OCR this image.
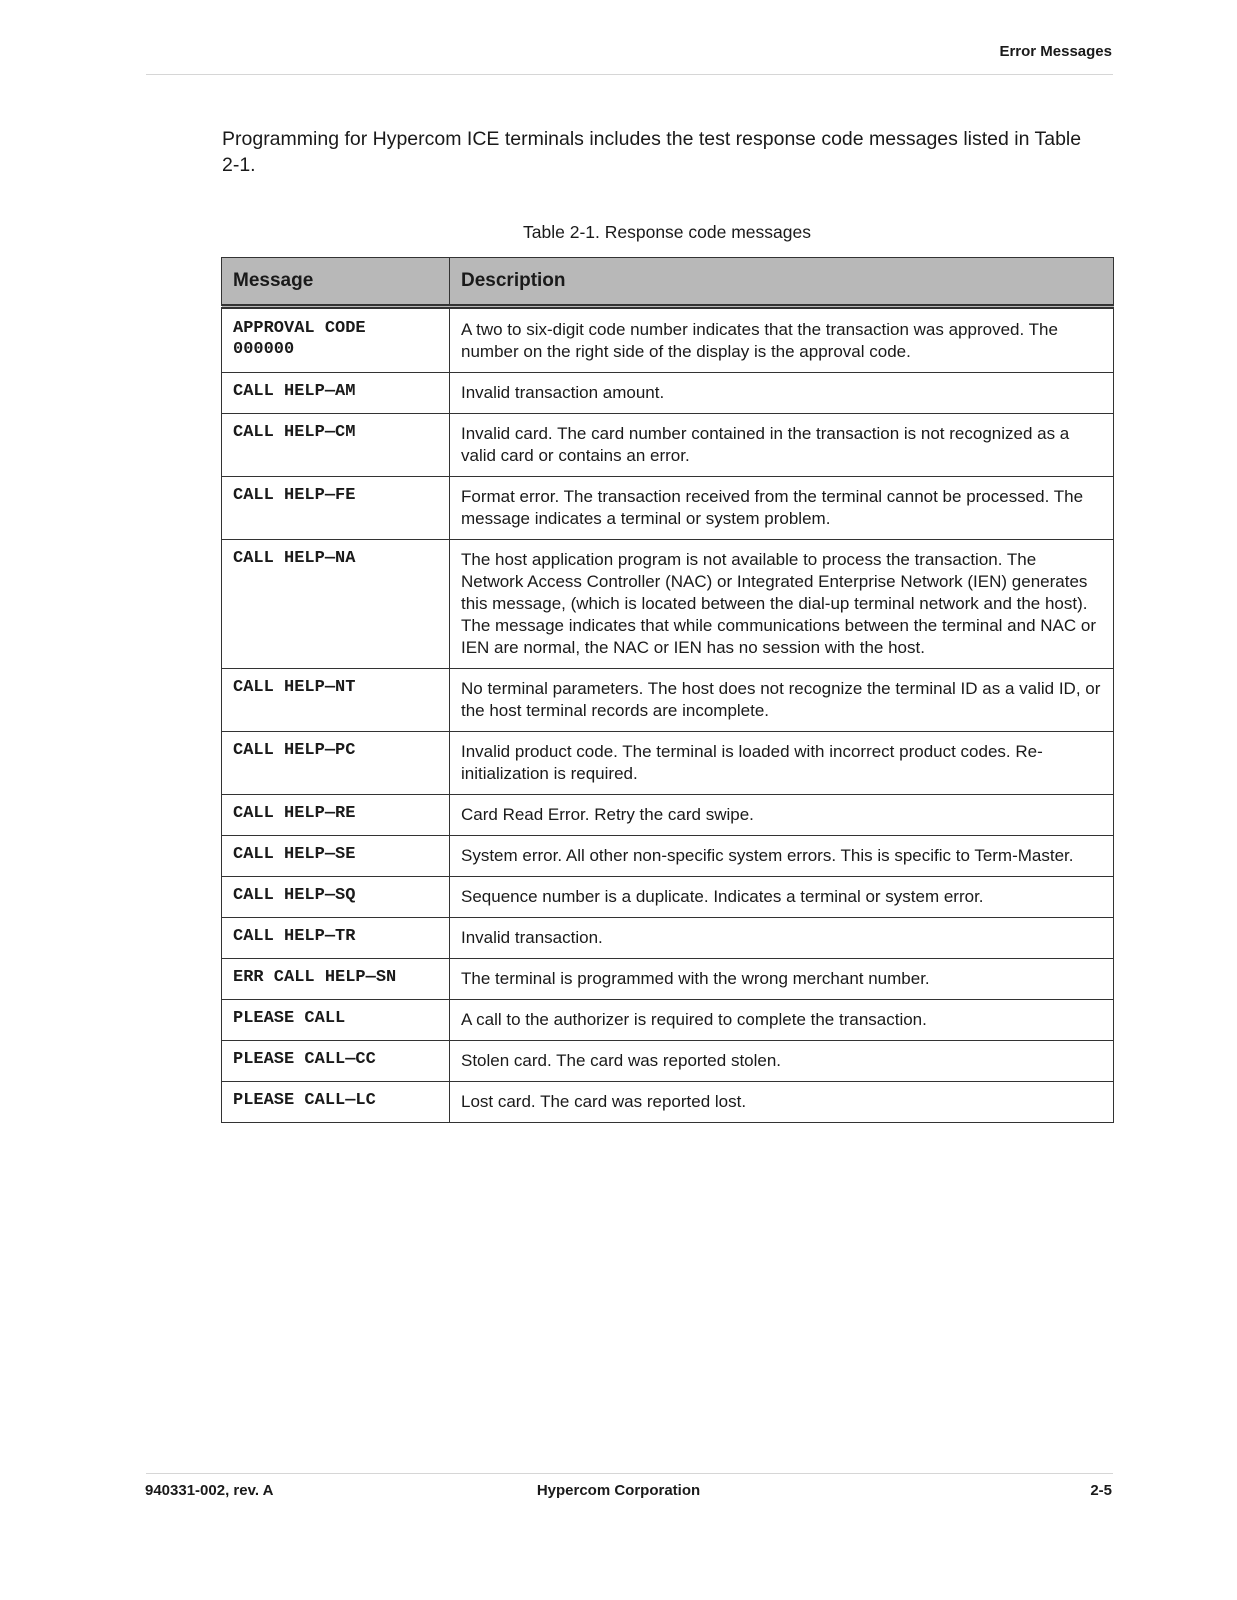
Error Messages

Programming for Hypercom ICE terminals includes the test response code messages listed in Table 2-1.

Table 2-1. Response code messages
Message	Description

APPROVAL CODE
000000	A two to six-digit code number indicates that the transaction was approved. The number on the right side of the display is the approval code.

CALL HELP—AM	Invalid transaction amount.

CALL HELP—CM	Invalid card. The card number contained in the transaction is not recognized as a valid card or contains an error.

CALL HELP—FE	Format error. The transaction received from the terminal cannot be processed. The message indicates a terminal or system problem.

CALL HELP—NA	The host application program is not available to process the transaction. The Network Access Controller (NAC) or Integrated Enterprise Network (IEN) generates this message, (which is located between the dial-up terminal network and the host). The message indicates that while communications between the terminal and NAC or IEN are normal, the NAC or IEN has no session with the host.

CALL HELP—NT	No terminal parameters. The host does not recognize the terminal ID as a valid ID, or the host terminal records are incomplete.

CALL HELP—PC	Invalid product code. The terminal is loaded with incorrect product codes. Re-initialization is required.

CALL HELP—RE	Card Read Error. Retry the card swipe.

CALL HELP—SE	System error. All other non-specific system errors. This is specific to Term-Master.

CALL HELP—SQ	Sequence number is a duplicate. Indicates a terminal or system error.

CALL HELP—TR	Invalid transaction.

ERR CALL HELP—SN	The terminal is programmed with the wrong merchant number.

PLEASE CALL	A call to the authorizer is required to complete the transaction.

PLEASE CALL—CC	Stolen card. The card was reported stolen.

PLEASE CALL—LC	Lost card. The card was reported lost.
940331-002, rev. A	Hypercom Corporation	2-5
